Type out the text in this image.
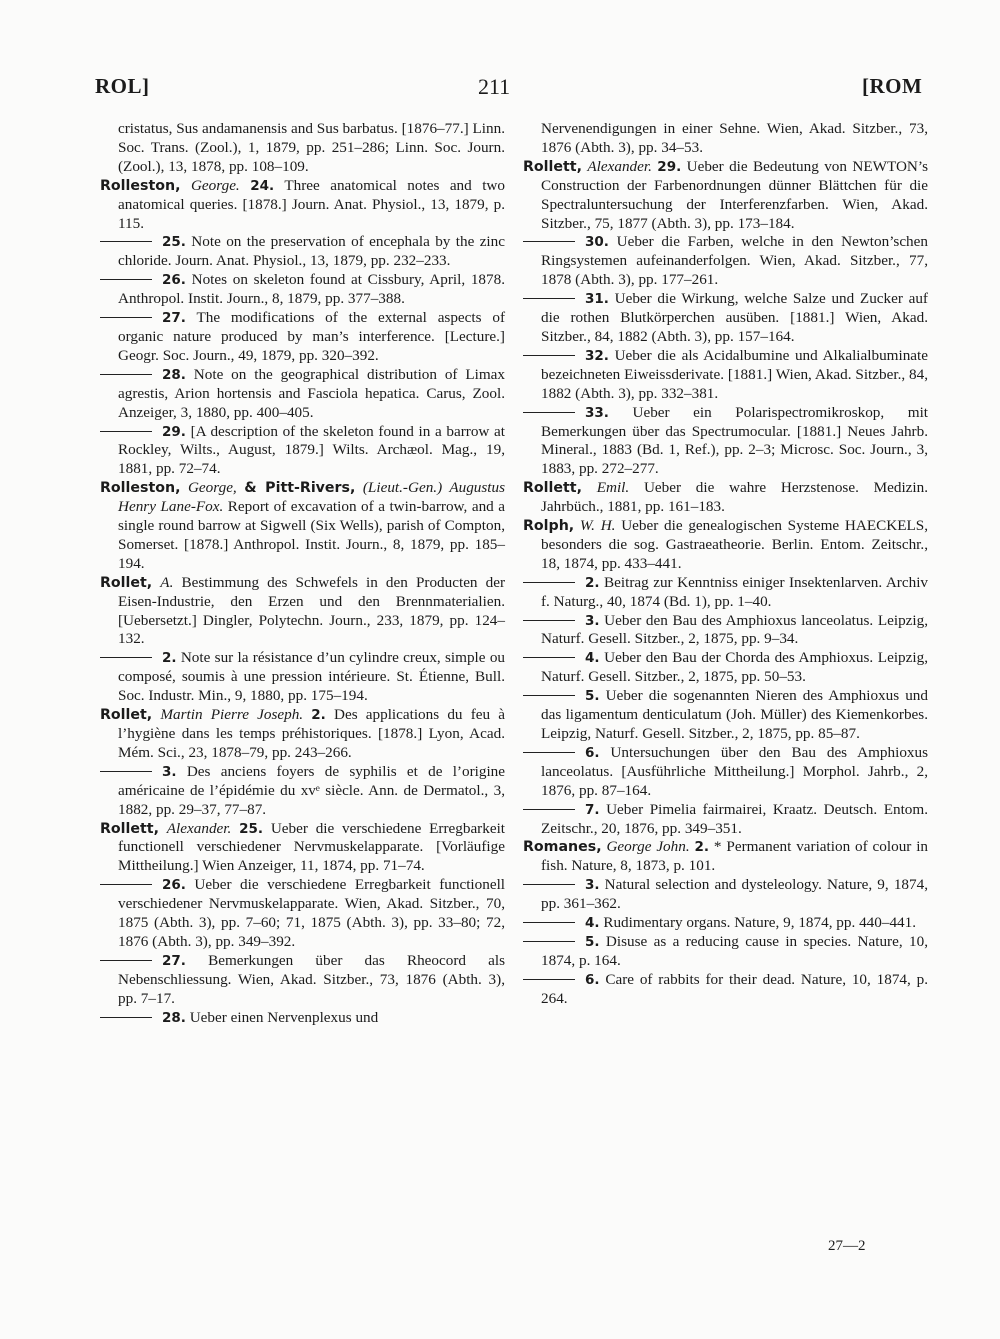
ROL]	211	[ROM

cristatus, Sus andamanensis and Sus barbatus. [1876–77.] Linn. Soc. Trans. (Zool.), 1, 1879, pp. 251–286; Linn. Soc. Journ. (Zool.), 13, 1878, pp. 108–109.

Rolleston, George. 24. Three anatomical notes and two anatomical queries. [1878.] Journ. Anat. Physiol., 13, 1879, p. 115.

25. Note on the preservation of encephala by the zinc chloride. Journ. Anat. Physiol., 13, 1879, pp. 232–233.

26. Notes on skeleton found at Cissbury, April, 1878. Anthropol. Instit. Journ., 8, 1879, pp. 377–388.

27. The modifications of the external aspects of organic nature produced by man’s interference. [Lecture.] Geogr. Soc. Journ., 49, 1879, pp. 320–392.

28. Note on the geographical distribution of Limax agrestis, Arion hortensis and Fasciola hepatica. Carus, Zool. Anzeiger, 3, 1880, pp. 400–405.

29. [A description of the skeleton found in a barrow at Rockley, Wilts., August, 1879.] Wilts. Archæol. Mag., 19, 1881, pp. 72–74.

Rolleston, George, & Pitt-Rivers, (Lieut.-Gen.) Augustus Henry Lane-Fox. Report of excavation of a twin-barrow, and a single round barrow at Sigwell (Six Wells), parish of Compton, Somerset. [1878.] Anthropol. Instit. Journ., 8, 1879, pp. 185–194.

Rollet, A. Bestimmung des Schwefels in den Producten der Eisen-Industrie, den Erzen und den Brennmaterialien. [Uebersetzt.] Dingler, Polytechn. Journ., 233, 1879, pp. 124–132.

2. Note sur la résistance d’un cylindre creux, simple ou composé, soumis à une pression intérieure. St. Étienne, Bull. Soc. Industr. Min., 9, 1880, pp. 175–194.

Rollet, Martin Pierre Joseph. 2. Des applications du feu à l’hygiène dans les temps préhistoriques. [1878.] Lyon, Acad. Mém. Sci., 23, 1878–79, pp. 243–266.

3. Des anciens foyers de syphilis et de l’origine américaine de l’épidémie du xvᵉ siècle. Ann. de Dermatol., 3, 1882, pp. 29–37, 77–87.

Rollett, Alexander. 25. Ueber die verschiedene Erregbarkeit functionell verschiedener Nervmuskelapparate. [Vorläufige Mittheilung.] Wien Anzeiger, 11, 1874, pp. 71–74.

26. Ueber die verschiedene Erregbarkeit functionell verschiedener Nervmuskelapparate. Wien, Akad. Sitzber., 70, 1875 (Abth. 3), pp. 7–60; 71, 1875 (Abth. 3), pp. 33–80; 72, 1876 (Abth. 3), pp. 349–392.

27. Bemerkungen über das Rheocord als Nebenschliessung. Wien, Akad. Sitzber., 73, 1876 (Abth. 3), pp. 7–17.

28. Ueber einen Nervenplexus und

Nervenendigungen in einer Sehne. Wien, Akad. Sitzber., 73, 1876 (Abth. 3), pp. 34–53.

Rollett, Alexander. 29. Ueber die Bedeutung von NEWTON’s Construction der Farbenordnungen dünner Blättchen für die Spectraluntersuchung der Interferenzfarben. Wien, Akad. Sitzber., 75, 1877 (Abth. 3), pp. 173–184.

30. Ueber die Farben, welche in den Newton’schen Ringsystemen aufeinanderfolgen. Wien, Akad. Sitzber., 77, 1878 (Abth. 3), pp. 177–261.

31. Ueber die Wirkung, welche Salze und Zucker auf die rothen Blutkörperchen ausüben. [1881.] Wien, Akad. Sitzber., 84, 1882 (Abth. 3), pp. 157–164.

32. Ueber die als Acidalbumine und Alkalialbuminate bezeichneten Eiweissderivate. [1881.] Wien, Akad. Sitzber., 84, 1882 (Abth. 3), pp. 332–381.

33. Ueber ein Polarispectromikroskop, mit Bemerkungen über das Spectrumocular. [1881.] Neues Jahrb. Mineral., 1883 (Bd. 1, Ref.), pp. 2–3; Microsc. Soc. Journ., 3, 1883, pp. 272–277.

Rollett, Emil. Ueber die wahre Herzstenose. Medizin. Jahrbüch., 1881, pp. 161–183.

Rolph, W. H. Ueber die genealogischen Systeme HAECKELS, besonders die sog. Gastraeatheorie. Berlin. Entom. Zeitschr., 18, 1874, pp. 433–441.

2. Beitrag zur Kenntniss einiger Insektenlarven. Archiv f. Naturg., 40, 1874 (Bd. 1), pp. 1–40.

3. Ueber den Bau des Amphioxus lanceolatus. Leipzig, Naturf. Gesell. Sitzber., 2, 1875, pp. 9–34.

4. Ueber den Bau der Chorda des Amphioxus. Leipzig, Naturf. Gesell. Sitzber., 2, 1875, pp. 50–53.

5. Ueber die sogenannten Nieren des Amphioxus und das ligamentum denticulatum (Joh. Müller) des Kiemenkorbes. Leipzig, Naturf. Gesell. Sitzber., 2, 1875, pp. 85–87.

6. Untersuchungen über den Bau des Amphioxus lanceolatus. [Ausführliche Mittheilung.] Morphol. Jahrb., 2, 1876, pp. 87–164.

7. Ueber Pimelia fairmairei, Kraatz. Deutsch. Entom. Zeitschr., 20, 1876, pp. 349–351.

Romanes, George John. 2. * Permanent variation of colour in fish. Nature, 8, 1873, p. 101.

3. Natural selection and dysteleology. Nature, 9, 1874, pp. 361–362.

4. Rudimentary organs. Nature, 9, 1874, pp. 440–441.

5. Disuse as a reducing cause in species. Nature, 10, 1874, p. 164.

6. Care of rabbits for their dead. Nature, 10, 1874, p. 264.

27—2
